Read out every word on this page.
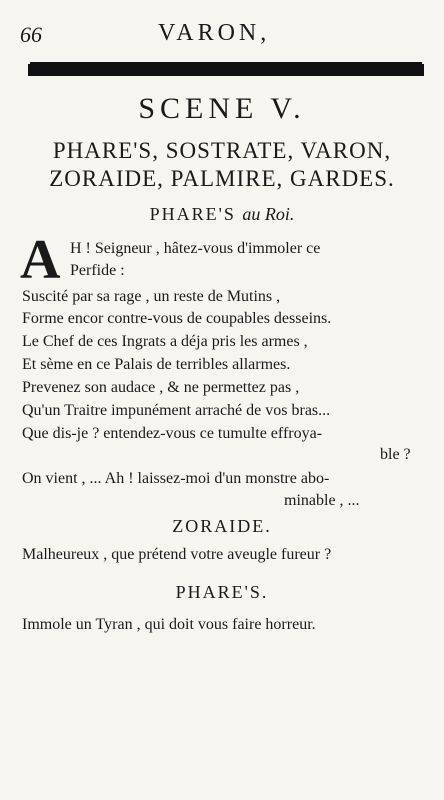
66	VARON,
SCENE V.
PHARE'S, SOSTRATE, VARON,
ZORAIDE, PALMIRE, GARDES.
PHARE'S au Roi.
A H ! Seigneur , hâtez-vous d'immoler ce
Perfide :
Suscité par sa rage , un reste de Mutins ,
Forme encor contre-vous de coupables desseins.
Le Chef de ces Ingrats a déja pris les armes ,
Et sème en ce Palais de terribles allarmes.
Prevenez son audace , & ne permettez pas ,
Qu'un Traitre impunément arraché de vos bras...
Que dis-je ? entendez-vous ce tumulte effroya-
ble ?
On vient , ... Ah ! laissez-moi d'un monstre abo-
minable , ...
ZORAIDE.
Malheureux , que prétend votre aveugle fureur ?
PHARE'S.
Immole un Tyran , qui doit vous faire horreur.
